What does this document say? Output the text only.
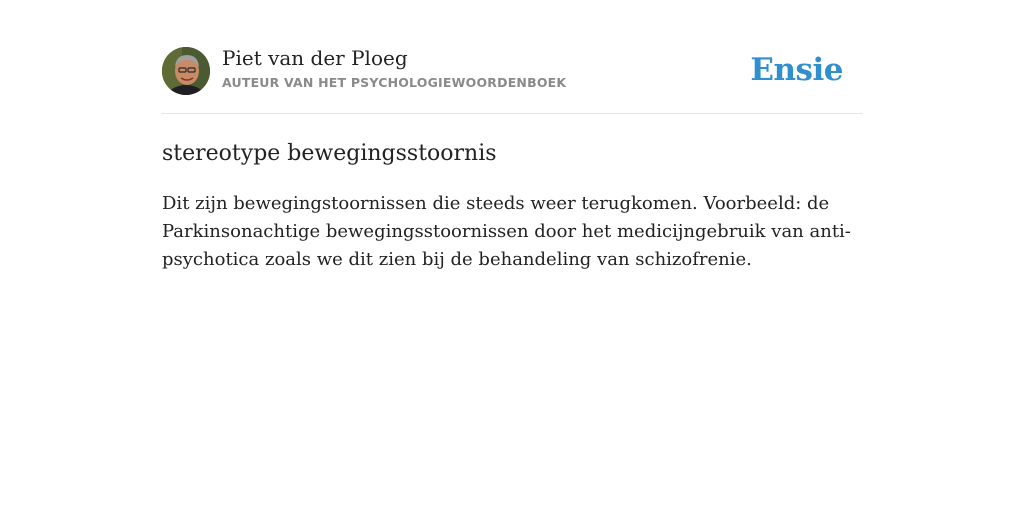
Piet van der Ploeg
AUTEUR VAN HET PSYCHOLOGIEWOORDENBOEK	Ensie
stereotype bewegingsstoornis

Dit zijn bewegingstoornissen die steeds weer terugkomen. Voorbeeld: de Parkinsonachtige bewegingsstoornissen door het medicijngebruik van anti-psychotica zoals we dit zien bij de behandeling van schizofrenie.
